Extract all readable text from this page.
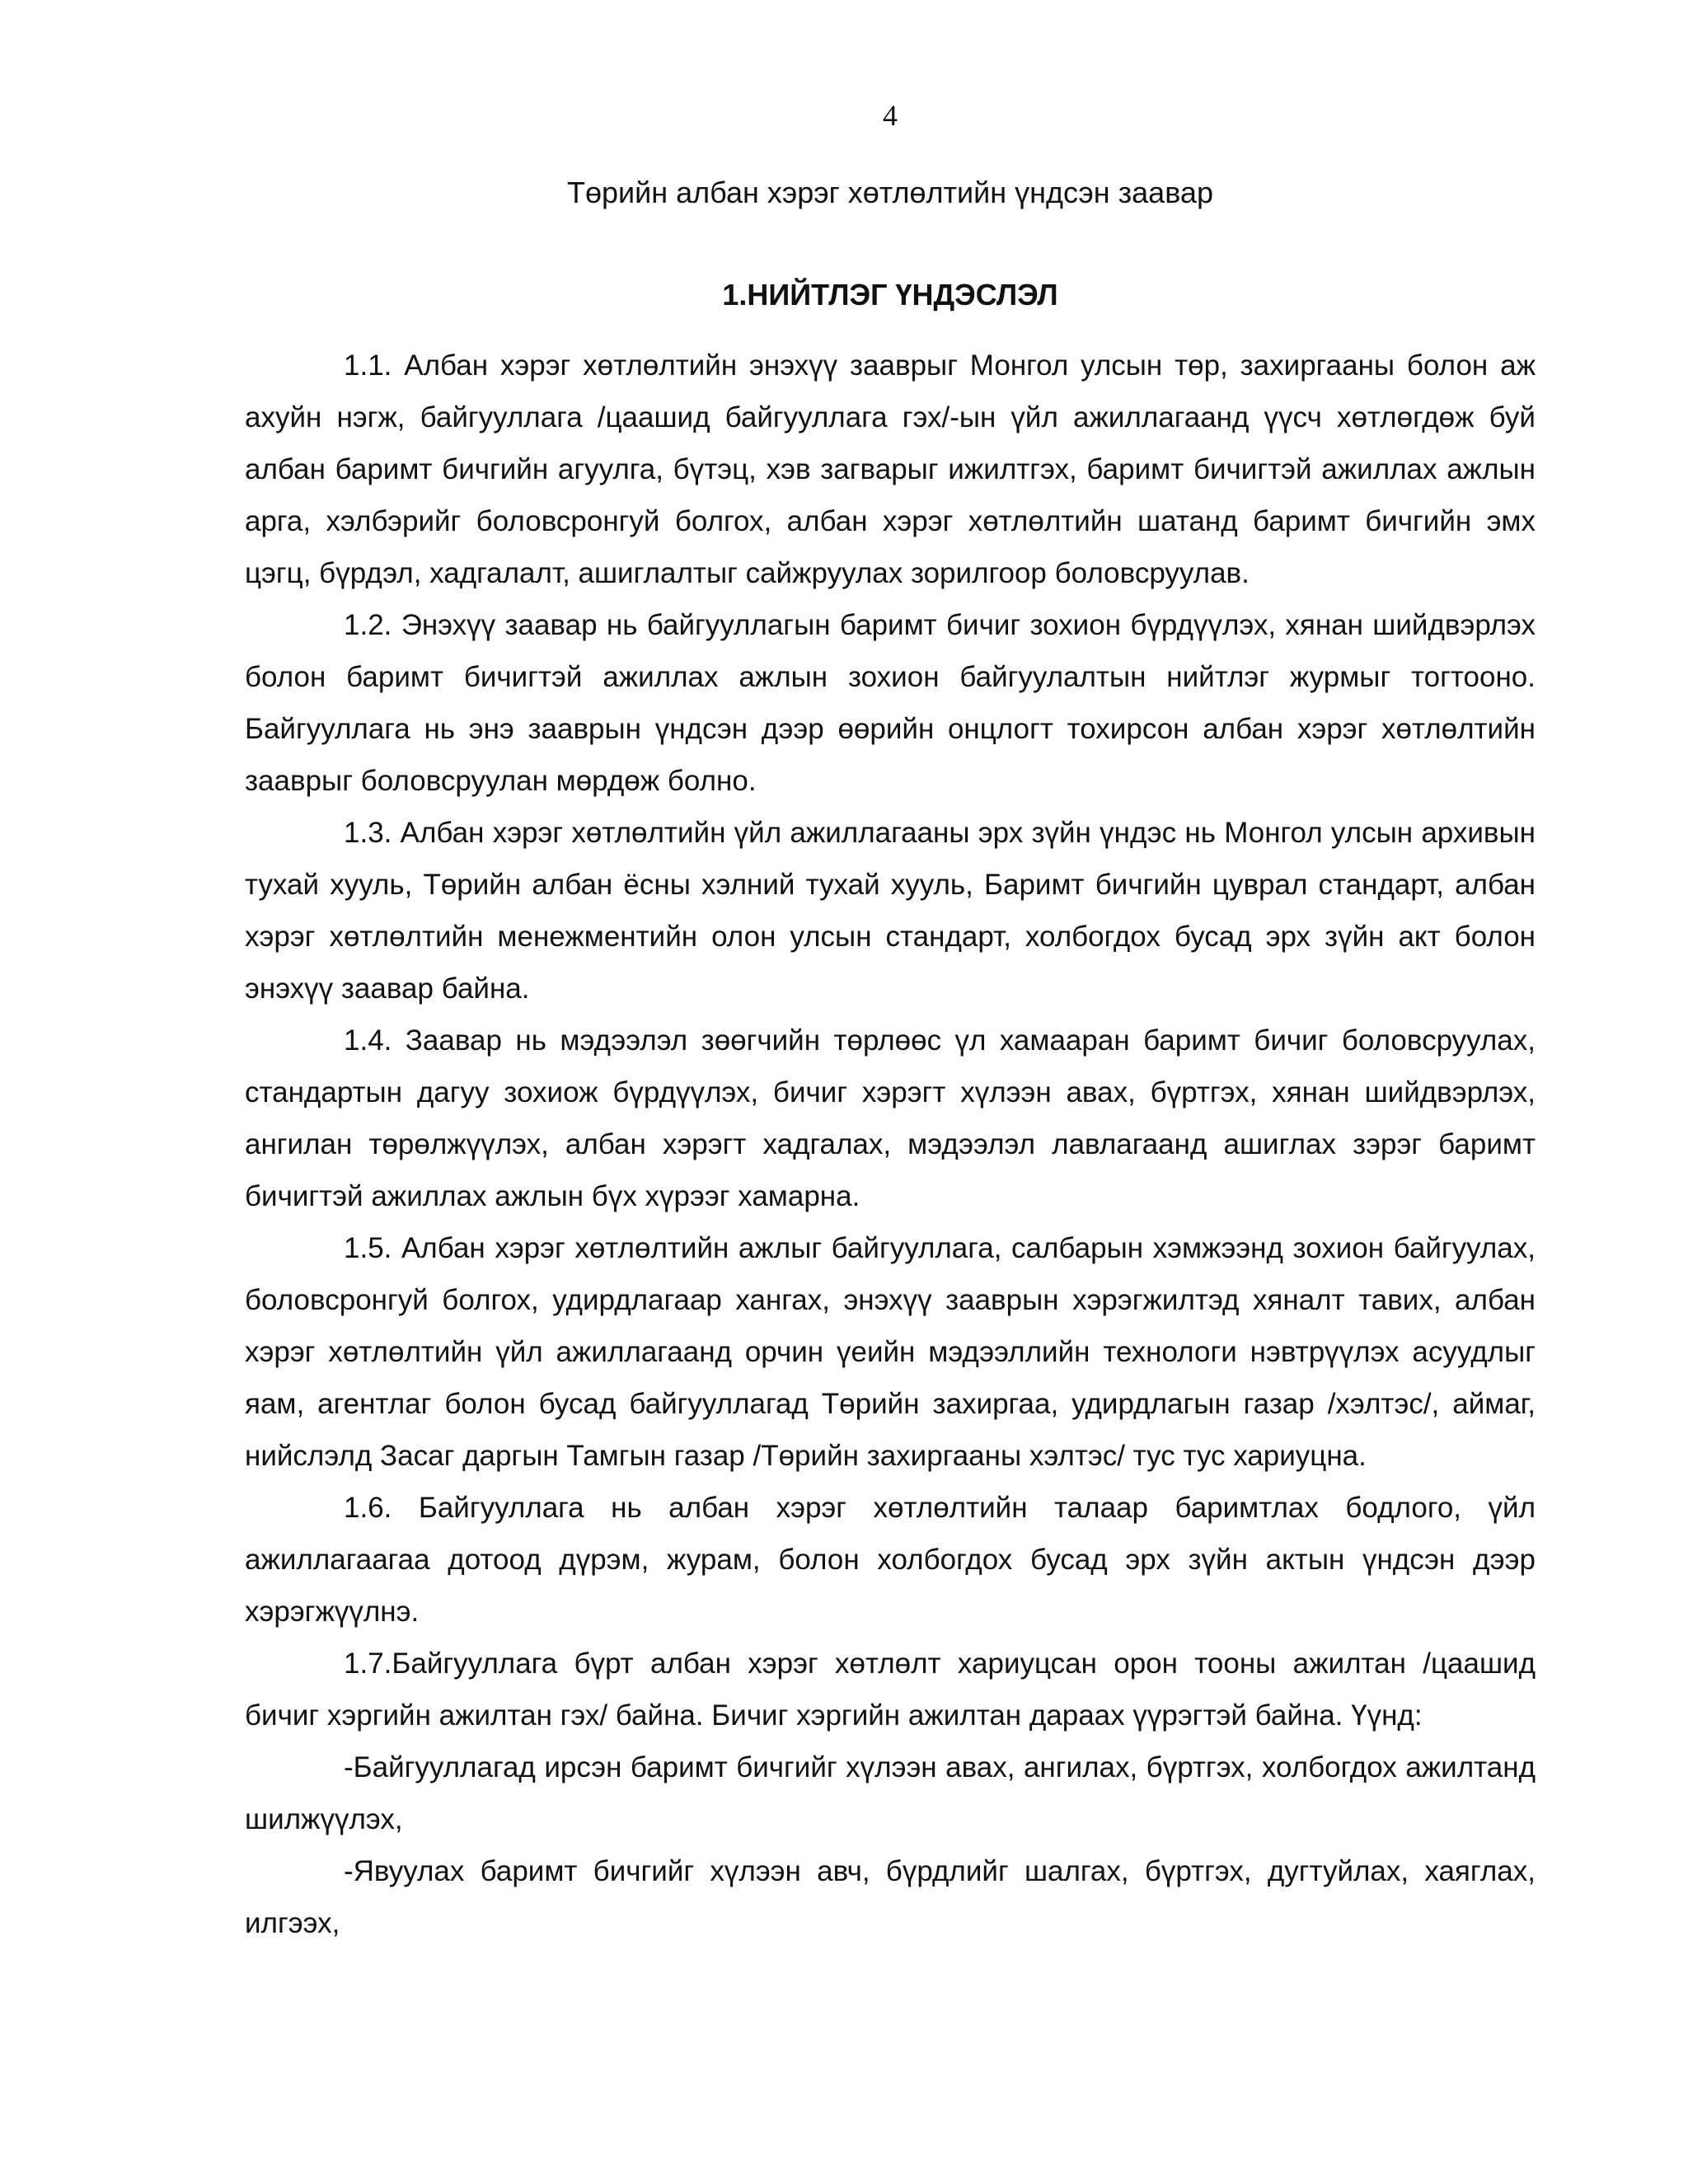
4
Төрийн албан хэрэг хөтлөлтийн үндсэн заавар
1.НИЙТЛЭГ ҮНДЭСЛЭЛ

1.1. Албан хэрэг хөтлөлтийн энэхүү зааврыг Монгол улсын төр, захиргааны болон аж ахуйн нэгж, байгууллага /цаашид байгууллага гэх/-ын үйл ажиллагаанд үүсч хөтлөгдөж буй албан баримт бичгийн агуулга, бүтэц, хэв загварыг ижилтгэх, баримт бичигтэй ажиллах ажлын арга, хэлбэрийг боловсронгуй болгох, албан хэрэг хөтлөлтийн шатанд баримт бичгийн эмх цэгц, бүрдэл, хадгалалт, ашиглалтыг сайжруулах зорилгоор боловсруулав.

1.2. Энэхүү заавар нь байгууллагын баримт бичиг зохион бүрдүүлэх, хянан шийдвэрлэх болон баримт бичигтэй ажиллах ажлын зохион байгуулалтын нийтлэг журмыг тогтооно. Байгууллага нь энэ зааврын үндсэн дээр өөрийн онцлогт тохирсон албан хэрэг хөтлөлтийн зааврыг боловсруулан мөрдөж болно.

1.3. Албан хэрэг хөтлөлтийн үйл ажиллагааны эрх зүйн үндэс нь Монгол улсын архивын тухай хууль, Төрийн албан ёсны хэлний тухай хууль, Баримт бичгийн цуврал стандарт, албан хэрэг хөтлөлтийн менежментийн олон улсын стандарт, холбогдох бусад эрх зүйн акт болон энэхүү заавар байна.

1.4. Заавар нь мэдээлэл зөөгчийн төрлөөс үл хамааран баримт бичиг боловсруулах, стандартын дагуу зохиож бүрдүүлэх, бичиг хэрэгт хүлээн авах, бүртгэх, хянан шийдвэрлэх, ангилан төрөлжүүлэх, албан хэрэгт хадгалах, мэдээлэл лавлагаанд ашиглах зэрэг баримт бичигтэй ажиллах ажлын бүх хүрээг хамарна.

1.5. Албан хэрэг хөтлөлтийн ажлыг байгууллага, салбарын хэмжээнд зохион байгуулах, боловсронгуй болгох, удирдлагаар хангах, энэхүү зааврын хэрэгжилтэд хяналт тавих, албан хэрэг хөтлөлтийн үйл ажиллагаанд орчин үеийн мэдээллийн технологи нэвтрүүлэх асуудлыг яам, агентлаг болон бусад байгууллагад Төрийн захиргаа, удирдлагын газар /хэлтэс/, аймаг, нийслэлд Засаг даргын Тамгын газар /Төрийн захиргааны хэлтэс/ тус тус хариуцна.

1.6. Байгууллага нь албан хэрэг хөтлөлтийн талаар баримтлах бодлого, үйл ажиллагаагаа дотоод дүрэм, журам, болон холбогдох бусад эрх зүйн актын үндсэн дээр хэрэгжүүлнэ.

1.7.Байгууллага бүрт албан хэрэг хөтлөлт хариуцсан орон тооны ажилтан /цаашид бичиг хэргийн ажилтан гэх/ байна. Бичиг хэргийн ажилтан дараах үүрэгтэй байна. Үүнд:

-Байгууллагад ирсэн баримт бичгийг хүлээн авах, ангилах, бүртгэх, холбогдох ажилтанд шилжүүлэх,

-Явуулах баримт бичгийг хүлээн авч, бүрдлийг шалгах, бүртгэх, дугтуйлах, хаяглах, илгээх,
